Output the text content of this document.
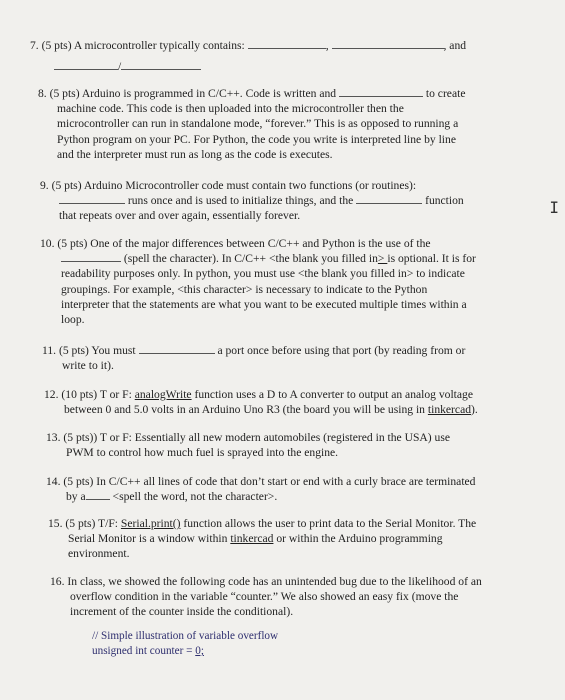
7. (5 pts) A microcontroller typically contains:	,	, and
/
8. (5 pts) Arduino is programmed in C/C++. Code is written and	to create
machine code. This code is then uploaded into the microcontroller then the
microcontroller can run in standalone mode, “forever.” This is as opposed to running a
Python program on your PC. For Python, the code you write is interpreted line by line
and the interpreter must run as long as the code is executes.
9. (5 pts) Arduino Microcontroller code must contain two functions (or routines):
runs once and is used to initialize things, and the	function
that repeats over and over again, essentially forever.
10. (5 pts) One of the major differences between C/C++ and Python is the use of the
(spell the character). In C/C++ <the blank you filled in> is optional. It is for
readability purposes only. In python, you must use <the blank you filled in> to indicate
groupings. For example, <this character> is necessary to indicate to the Python
interpreter that the statements are what you want to be executed multiple times within a
loop.
11. (5 pts) You must	a port once before using that port (by reading from or
write to it).
12. (10 pts) T or F: analogWrite function uses a D to A converter to output an analog voltage
between 0 and 5.0 volts in an Arduino Uno R3 (the board you will be using in tinkercad).
13. (5 pts)) T or F: Essentially all new modern automobiles (registered in the USA) use
PWM to control how much fuel is sprayed into the engine.
14. (5 pts) In C/C++ all lines of code that don’t start or end with a curly brace are terminated
by a <spell the word, not the character>.
15. (5 pts) T/F: Serial.print() function allows the user to print data to the Serial Monitor. The
Serial Monitor is a window within tinkercad or within the Arduino programming
environment.
16. In class, we showed the following code has an unintended bug due to the likelihood of an
overflow condition in the variable “counter.” We also showed an easy fix (move the
increment of the counter inside the conditional).
// Simple illustration of variable overflow
unsigned int counter = 0;
I
